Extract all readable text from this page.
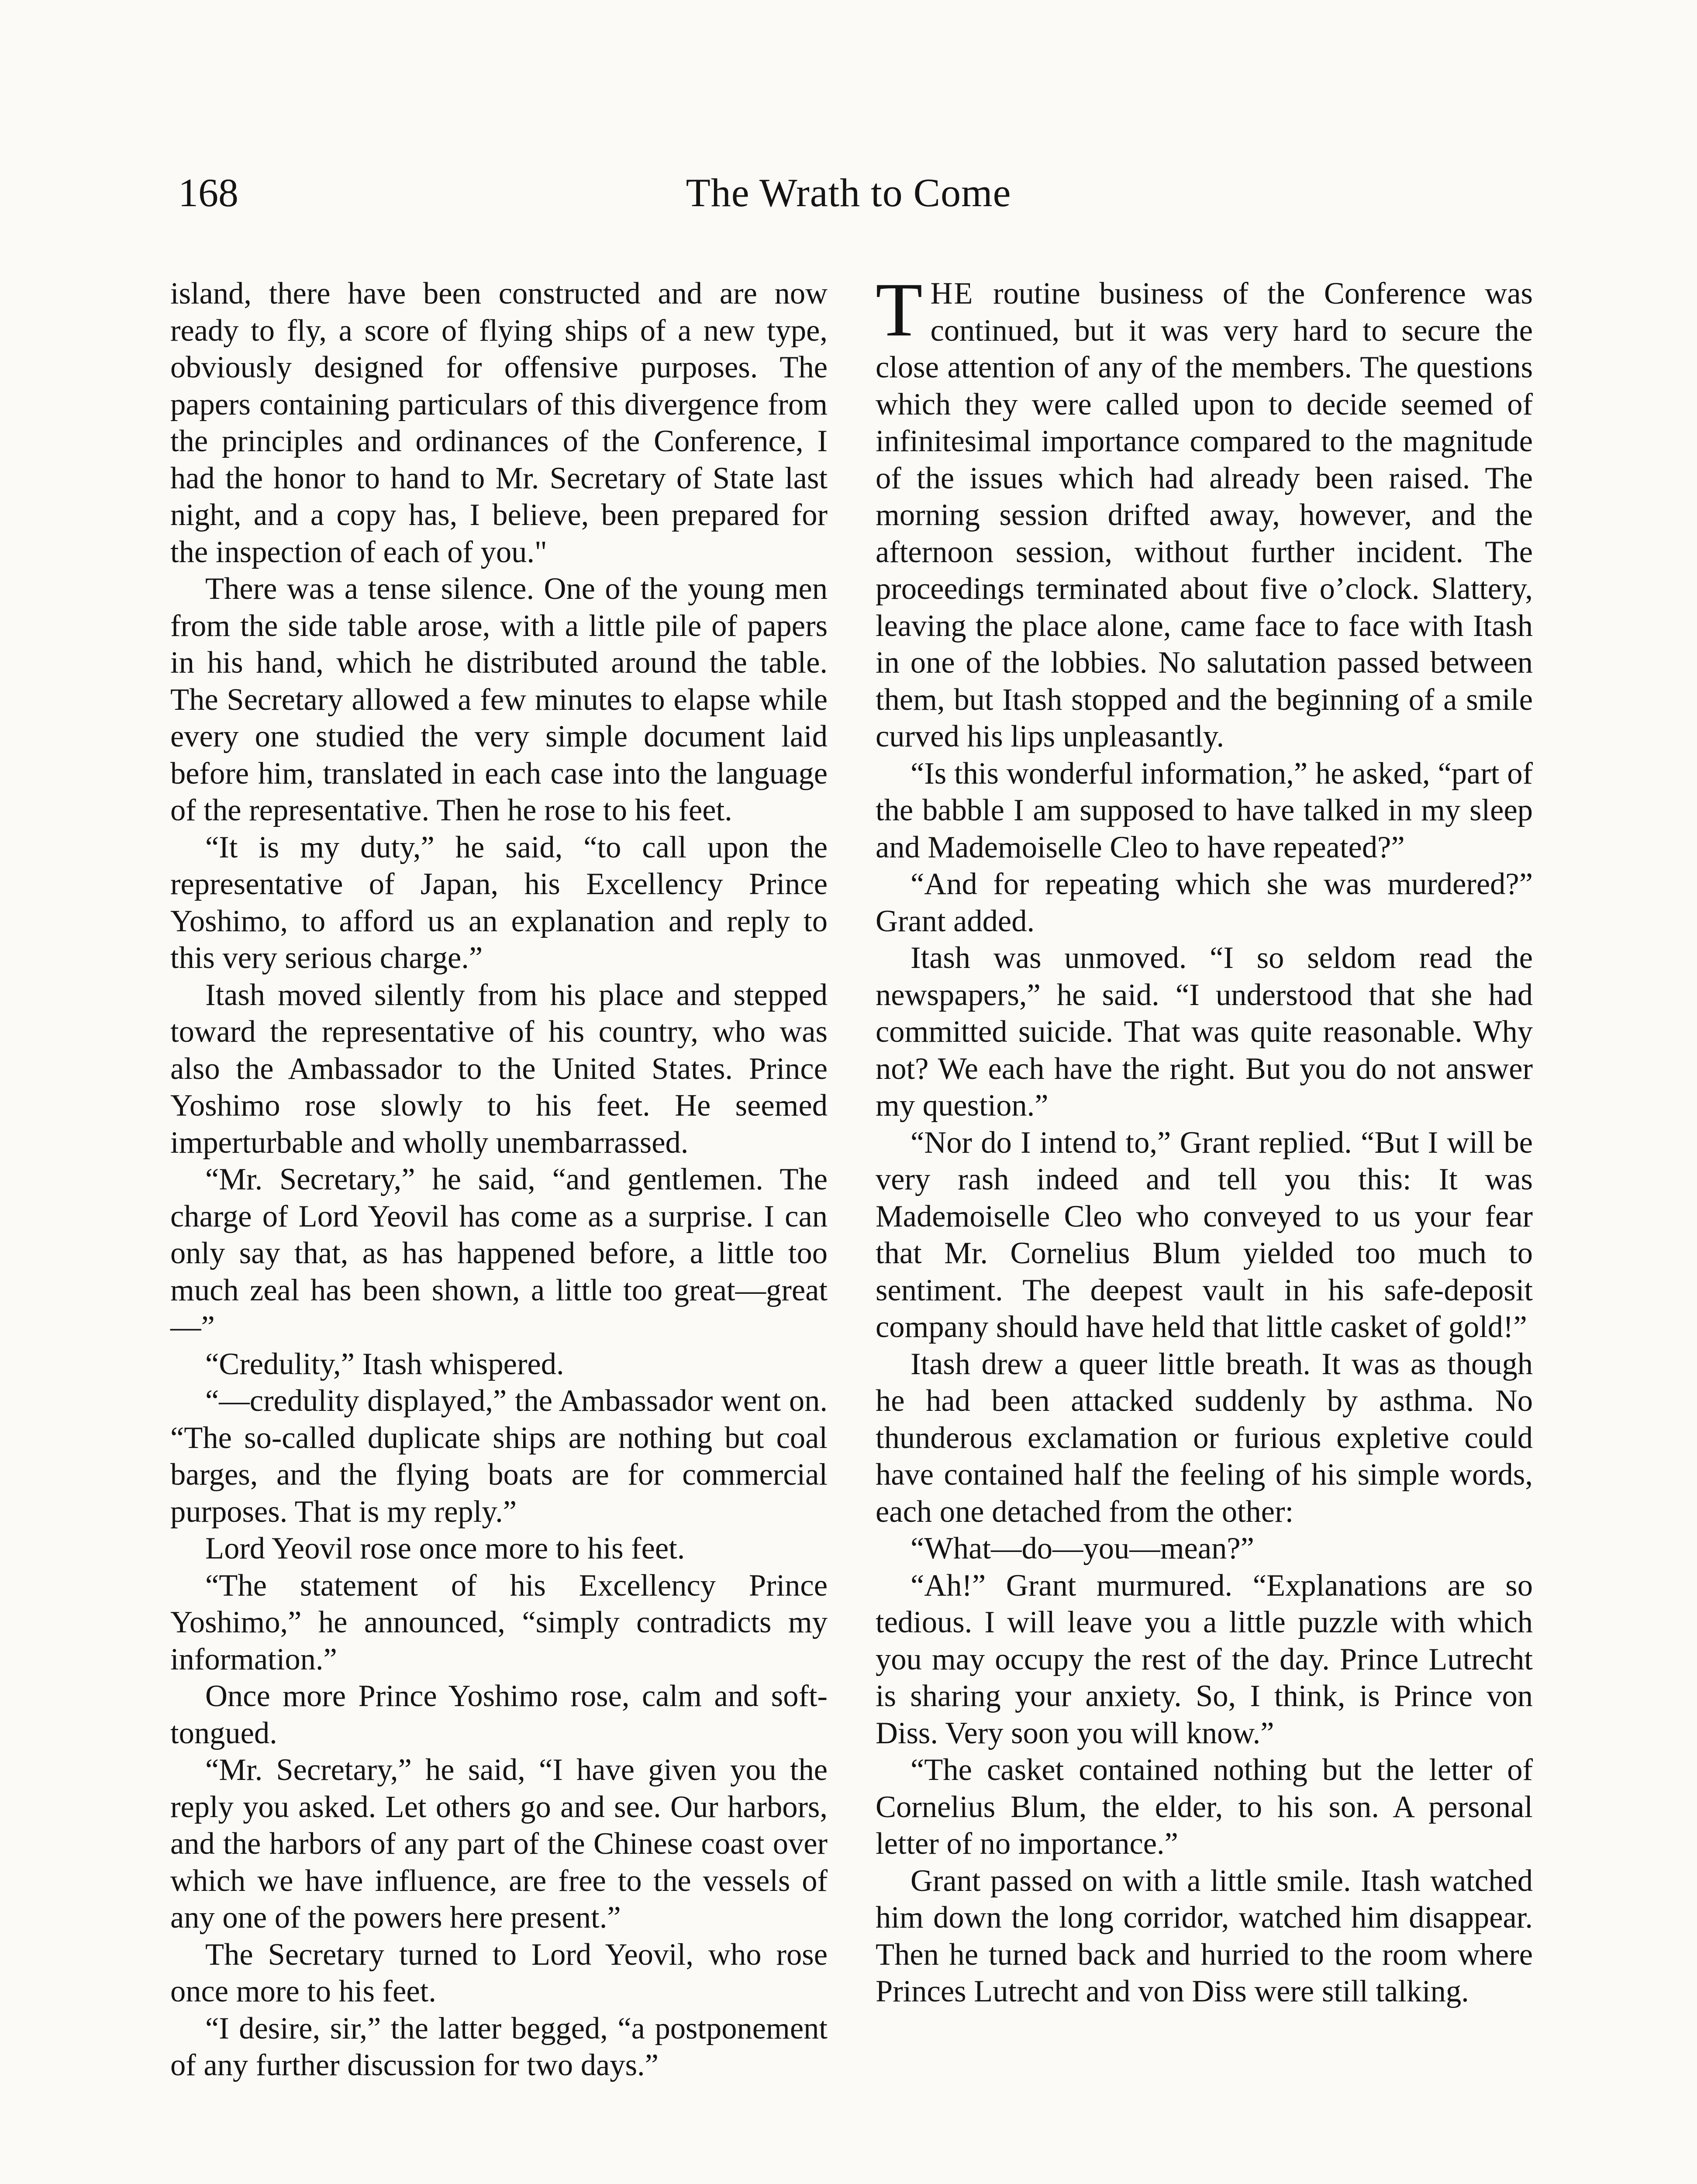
168	The Wrath to Come

island, there have been constructed and are now ready to fly, a score of flying ships of a new type, obviously designed for offensive purposes. The papers containing particulars of this divergence from the principles and ordinances of the Conference, I had the honor to hand to Mr. Secretary of State last night, and a copy has, I believe, been prepared for the inspection of each of you."

There was a tense silence. One of the young men from the side table arose, with a little pile of papers in his hand, which he distributed around the table. The Secretary allowed a few minutes to elapse while every one studied the very simple document laid before him, translated in each case into the language of the representative. Then he rose to his feet.

“It is my duty,” he said, “to call upon the representative of Japan, his Excellency Prince Yoshimo, to afford us an explanation and reply to this very serious charge.”

Itash moved silently from his place and stepped toward the representative of his country, who was also the Ambassador to the United States. Prince Yoshimo rose slowly to his feet. He seemed imperturbable and wholly unembarrassed.

“Mr. Secretary,” he said, “and gentlemen. The charge of Lord Yeovil has come as a surprise. I can only say that, as has happened before, a little too much zeal has been shown, a little too great—great—”

“Credulity,” Itash whispered.

“—credulity displayed,” the Ambassador went on. “The so-called duplicate ships are nothing but coal barges, and the flying boats are for commercial purposes. That is my reply.”

Lord Yeovil rose once more to his feet.

“The statement of his Excellency Prince Yoshimo,” he announced, “simply contradicts my information.”

Once more Prince Yoshimo rose, calm and soft-tongued.

“Mr. Secretary,” he said, “I have given you the reply you asked. Let others go and see. Our harbors, and the harbors of any part of the Chinese coast over which we have influence, are free to the vessels of any one of the powers here present.”

The Secretary turned to Lord Yeovil, who rose once more to his feet.

“I desire, sir,” the latter begged, “a postponement of any further discussion for two days.”

THE routine business of the Conference was continued, but it was very hard to secure the close attention of any of the members. The questions which they were called upon to decide seemed of infinitesimal importance compared to the magnitude of the issues which had already been raised. The morning session drifted away, however, and the afternoon session, without further incident. The proceedings terminated about five o’clock. Slattery, leaving the place alone, came face to face with Itash in one of the lobbies. No salutation passed between them, but Itash stopped and the beginning of a smile curved his lips unpleasantly.

“Is this wonderful information,” he asked, “part of the babble I am supposed to have talked in my sleep and Mademoiselle Cleo to have repeated?”

“And for repeating which she was murdered?” Grant added.

Itash was unmoved. “I so seldom read the newspapers,” he said. “I understood that she had committed suicide. That was quite reasonable. Why not? We each have the right. But you do not answer my question.”

“Nor do I intend to,” Grant replied. “But I will be very rash indeed and tell you this: It was Mademoiselle Cleo who conveyed to us your fear that Mr. Cornelius Blum yielded too much to sentiment. The deepest vault in his safe-deposit company should have held that little casket of gold!”

Itash drew a queer little breath. It was as though he had been attacked suddenly by asthma. No thunderous exclamation or furious expletive could have contained half the feeling of his simple words, each one detached from the other:

“What—do—you—mean?”

“Ah!” Grant murmured. “Explanations are so tedious. I will leave you a little puzzle with which you may occupy the rest of the day. Prince Lutrecht is sharing your anxiety. So, I think, is Prince von Diss. Very soon you will know.”

“The casket contained nothing but the letter of Cornelius Blum, the elder, to his son. A personal letter of no importance.”

Grant passed on with a little smile. Itash watched him down the long corridor, watched him disappear. Then he turned back and hurried to the room where Princes Lutrecht and von Diss were still talking.
